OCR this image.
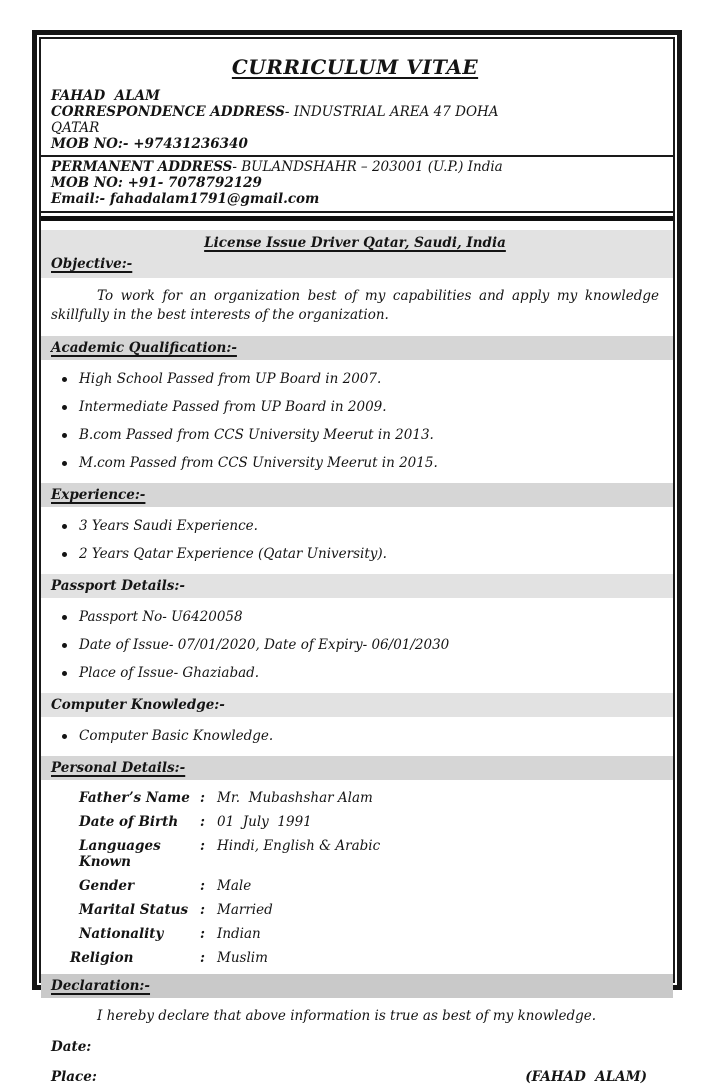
CURRICULUM VITAE
FAHAD  ALAM
CORRESPONDENCE ADDRESS- INDUSTRIAL AREA 47 DOHA
QATAR
MOB NO:- +97431236340
PERMANENT ADDRESS- BULANDSHAHR – 203001 (U.P.) India
MOB NO: +91- 7078792129
Email:- fahadalam1791@gmail.com
License Issue Driver Qatar, Saudi, India
Objective:-

To work for an organization best of my capabilities and apply my knowledge skillfully in the best interests of the organization.

Academic Qualification:-
High School Passed from UP Board in 2007.
Intermediate Passed from UP Board in 2009.
B.com Passed from CCS University Meerut in 2013.
M.com Passed from CCS University Meerut in 2015.
Experience:-
3 Years Saudi Experience.
2 Years Qatar Experience (Qatar University).
Passport Details:-
Passport No- U6420058
Date of Issue- 07/01/2020, Date of Expiry- 06/01/2030
Place of Issue- Ghaziabad.
Computer Knowledge:-
Computer Basic Knowledge.
Personal Details:-
Father’s Name : Mr.  Mubashshar Alam
Date of Birth	: 01  July  1991
Languages Known
: Hindi, English & Arabic
Gender	: Male
Marital Status : Married
Nationality	: Indian
Religion	: Muslim
Declaration:-

I hereby declare that above information is true as best of my knowledge.

Date:
Place:	(FAHAD  ALAM)
